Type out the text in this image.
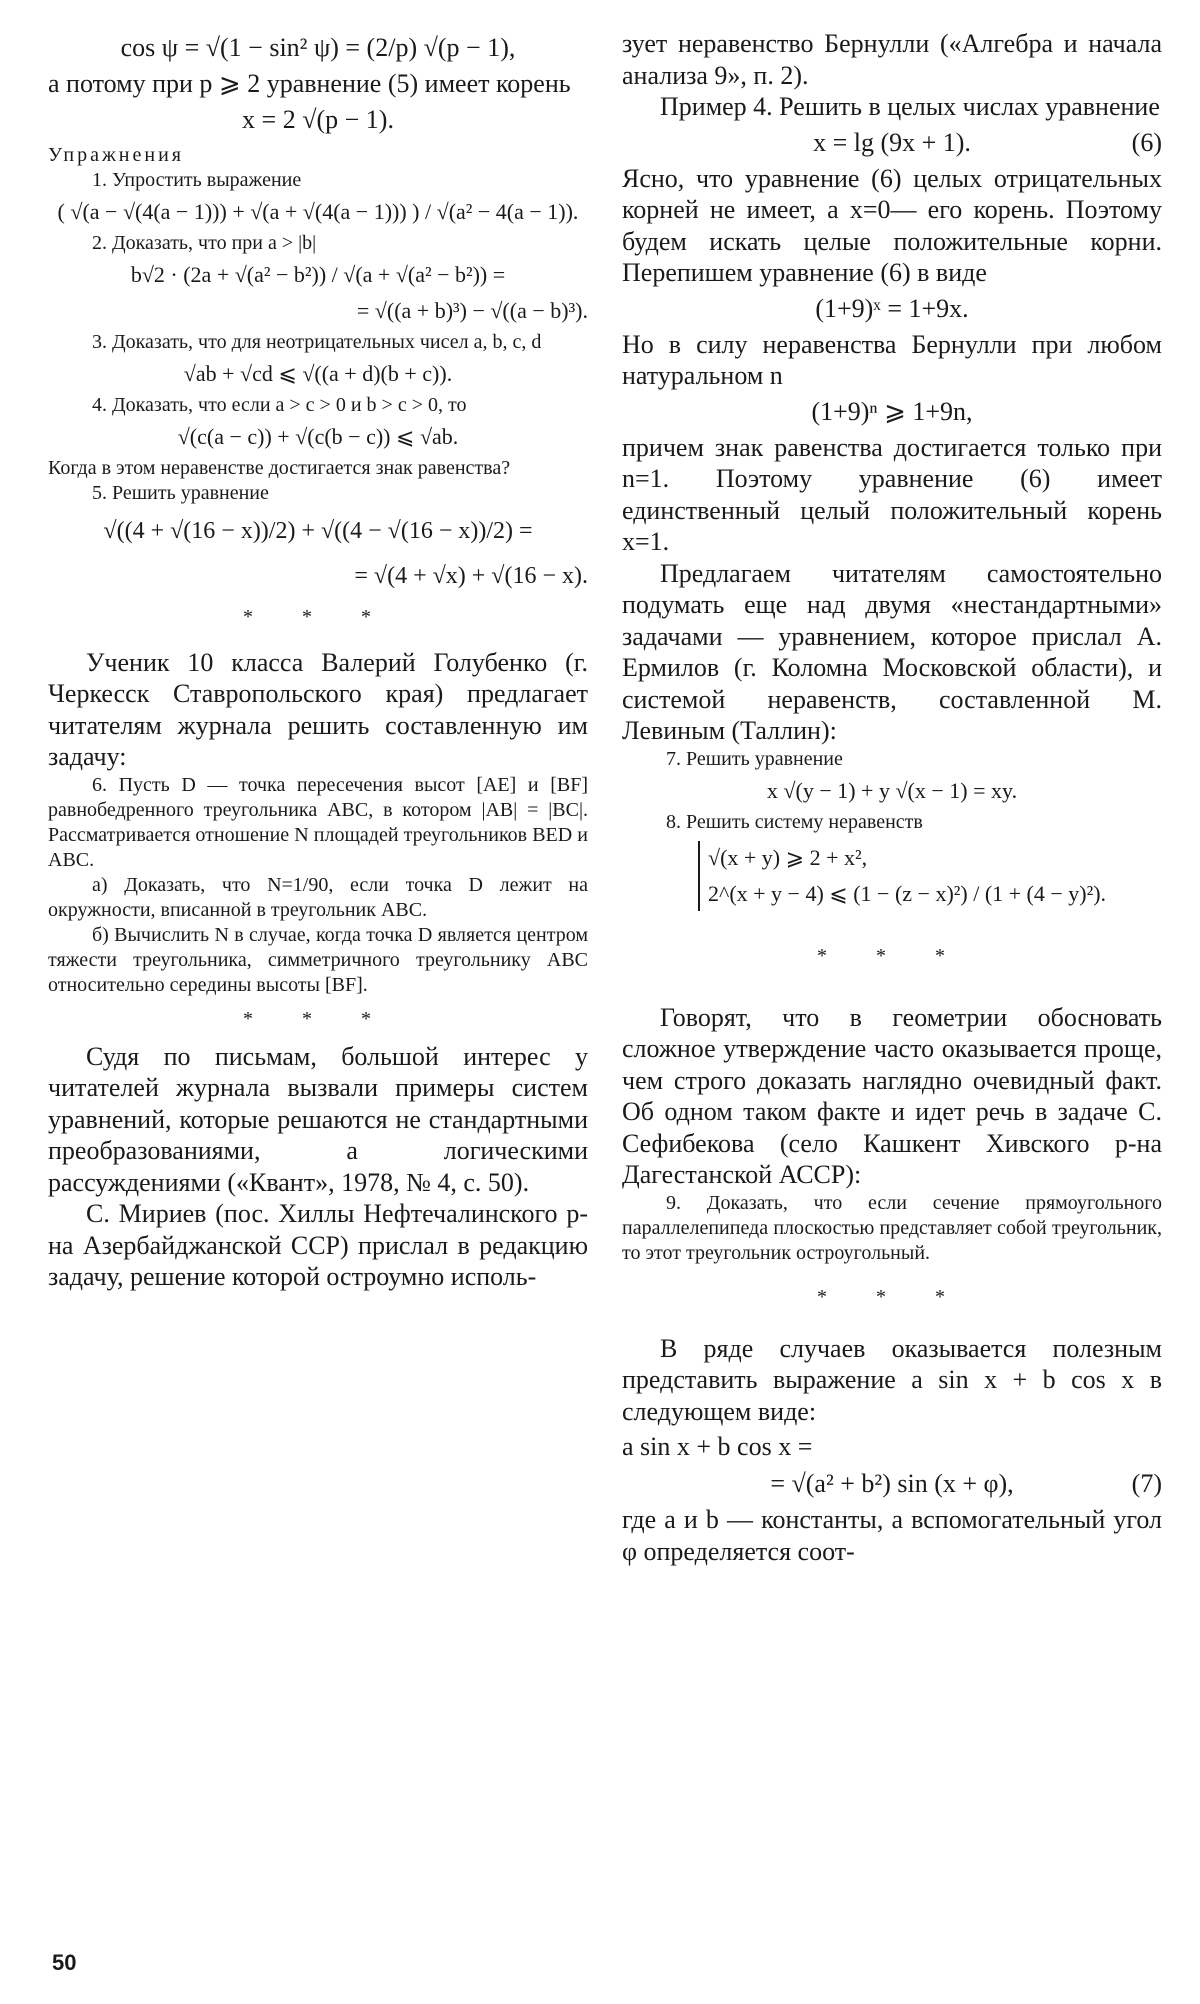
cos ψ = √(1 − sin² ψ) = (2/p) √(p − 1),

а потому при p ⩾ 2 уравнение (5) имеет корень

x = 2 √(p − 1).

Упражнения

1. Упростить выражение

( √(a − √(4(a − 1))) + √(a + √(4(a − 1))) ) / √(a² − 4(a − 1)).

2. Доказать, что при a > |b|

b√2 · (2a + √(a² − b²)) / √(a + √(a² − b²)) =

= √((a + b)³) − √((a − b)³).

3. Доказать, что для неотрицательных чисел a, b, c, d

√ab + √cd ⩽ √((a + d)(b + c)).

4. Доказать, что если a > c > 0 и b > c > 0, то

√(c(a − c)) + √(c(b − c)) ⩽ √ab.

Когда в этом неравенстве достигается знак равенства?

5. Решить уравнение

√((4 + √(16 − x))/2) + √((4 − √(16 − x))/2) =

= √(4 + √x) + √(16 − x).

* * *

Ученик 10 класса Валерий Голубенко (г. Черкесск Ставропольского края) предлагает читателям журнала решить составленную им задачу:

6. Пусть D — точка пересечения высот [AE] и [BF] равнобедренного треугольника ABC, в котором |AB| = |BC|. Рассматривается отношение N площадей треугольников BED и ABC.

а) Доказать, что N=1/90, если точка D лежит на окружности, вписанной в треугольник ABC.

б) Вычислить N в случае, когда точка D является центром тяжести треугольника, симметричного треугольнику ABC относительно середины высоты [BF].

* * *

Судя по письмам, большой интерес у читателей журнала вызвали примеры систем уравнений, которые решаются не стандартными преобразованиями, а логическими рассуждениями («Квант», 1978, № 4, с. 50).

С. Мириев (пос. Хиллы Нефтечалинского р-на Азербайджанской ССР) прислал в редакцию задачу, решение которой остроумно исполь-

зует неравенство Бернулли («Алгебра и начала анализа 9», п. 2).

Пример 4. Решить в целых числах уравнение

x = lg (9x + 1).	(6)

Ясно, что уравнение (6) целых отрицательных корней не имеет, а x=0— его корень. Поэтому будем искать целые положительные корни. Перепишем уравнение (6) в виде

(1+9)ˣ = 1+9x.

Но в силу неравенства Бернулли при любом натуральном n

(1+9)ⁿ ⩾ 1+9n,

причем знак равенства достигается только при n=1. Поэтому уравнение (6) имеет единственный целый положительный корень x=1.

Предлагаем читателям самостоятельно подумать еще над двумя «нестандартными» задачами — уравнением, которое прислал А. Ермилов (г. Коломна Московской области), и системой неравенств, составленной М. Левиным (Таллин):

7. Решить уравнение

x √(y − 1) + y √(x − 1) = xy.

8. Решить систему неравенств

√(x + y) ⩾ 2 + x²,

2^(x + y − 4) ⩽ (1 − (z − x)²) / (1 + (4 − y)²).

* * *

Говорят, что в геометрии обосновать сложное утверждение часто оказывается проще, чем строго доказать наглядно очевидный факт. Об одном таком факте и идет речь в задаче С. Сефибекова (село Кашкент Хивского р-на Дагестанской АССР):

9. Доказать, что если сечение прямоугольного параллелепипеда плоскостью представляет собой треугольник, то этот треугольник остроугольный.

* * *

В ряде случаев оказывается полезным представить выражение a sin x + b cos x в следующем виде:

a sin x + b cos x =

= √(a² + b²) sin (x + φ),	(7)

где a и b — константы, а вспомогательный угол φ определяется соот-

50
